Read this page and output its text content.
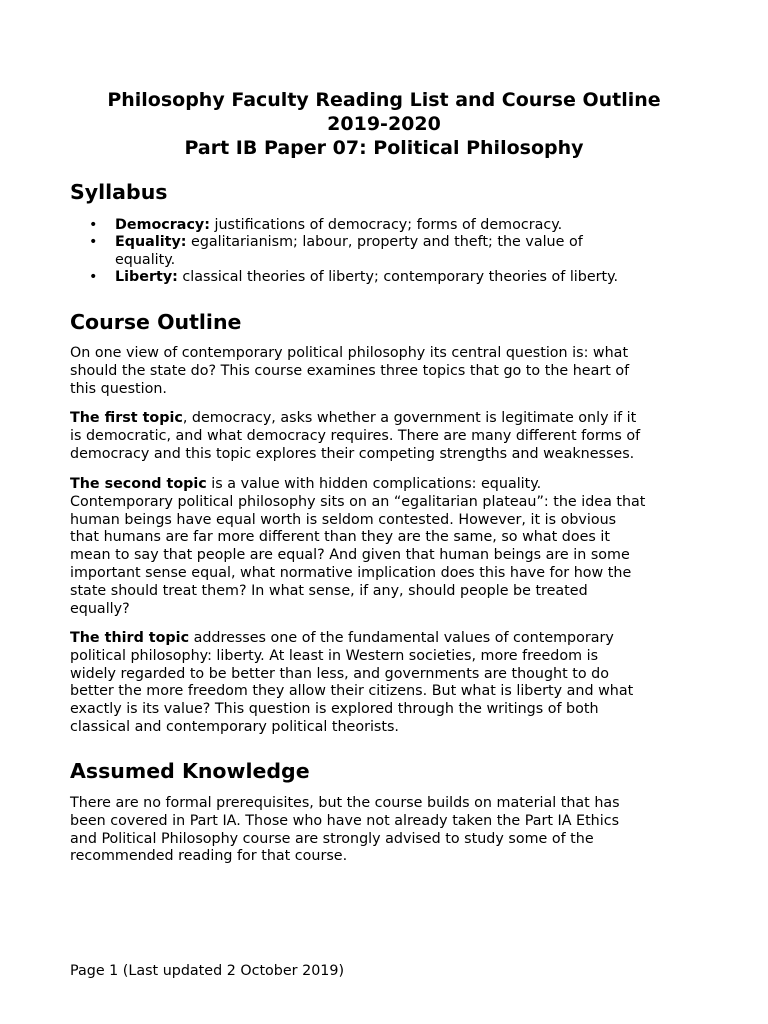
Philosophy Faculty Reading List and Course Outline
2019-2020
Part IB Paper 07: Political Philosophy
Syllabus
• Democracy: justifications of democracy; forms of democracy.
• Equality: egalitarianism; labour, property and theft; the value of
equality.
• Liberty: classical theories of liberty; contemporary theories of liberty.
Course Outline

On one view of contemporary political philosophy its central question is: what
should the state do? This course examines three topics that go to the heart of
this question.

The first topic, democracy, asks whether a government is legitimate only if it
is democratic, and what democracy requires. There are many different forms of
democracy and this topic explores their competing strengths and weaknesses.

The second topic is a value with hidden complications: equality.
Contemporary political philosophy sits on an “egalitarian plateau”: the idea that
human beings have equal worth is seldom contested. However, it is obvious
that humans are far more different than they are the same, so what does it
mean to say that people are equal? And given that human beings are in some
important sense equal, what normative implication does this have for how the
state should treat them? In what sense, if any, should people be treated
equally?

The third topic addresses one of the fundamental values of contemporary
political philosophy: liberty. At least in Western societies, more freedom is
widely regarded to be better than less, and governments are thought to do
better the more freedom they allow their citizens. But what is liberty and what
exactly is its value? This question is explored through the writings of both
classical and contemporary political theorists.

Assumed Knowledge

There are no formal prerequisites, but the course builds on material that has
been covered in Part IA. Those who have not already taken the Part IA Ethics
and Political Philosophy course are strongly advised to study some of the
recommended reading for that course.

Page 1 (Last updated 2 October 2019)
